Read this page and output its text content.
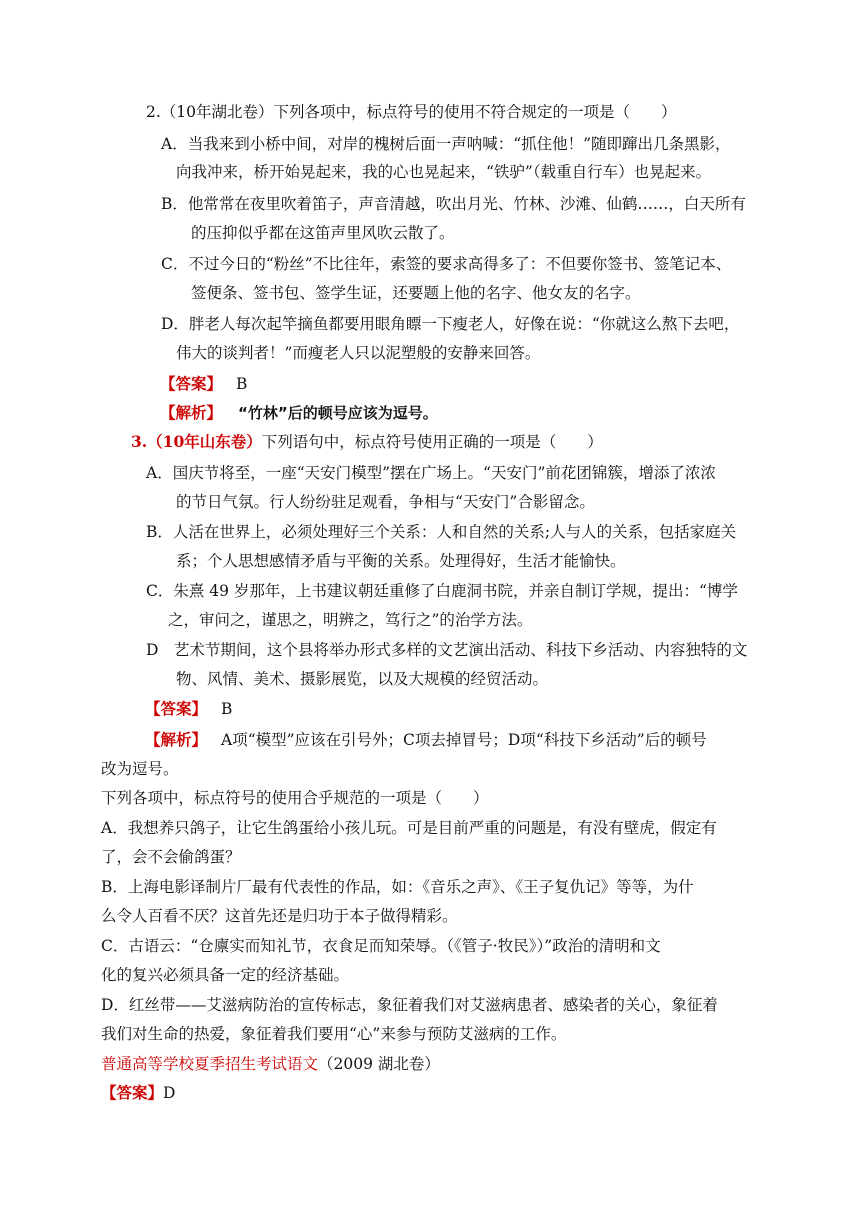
2.（10年湖北卷）下列各项中，标点符号的使用不符合规定的一项是（　　）
A．当我来到小桥中间，对岸的槐树后面一声呐喊：“抓住他！”随即蹿出几条黑影，
向我冲来，桥开始晃起来，我的心也晃起来，“铁驴”（载重自行车）也晃起来。
B．他常常在夜里吹着笛子，声音清越，吹出月光、竹林、沙滩、仙鹤……，白天所有
的压抑似乎都在这笛声里风吹云散了。
C．不过今日的“粉丝”不比往年，索签的要求高得多了：不但要你签书、签笔记本、
签便条、签书包、签学生证，还要题上他的名字、他女友的名字。
D．胖老人每次起竿摘鱼都要用眼角瞟一下瘦老人，好像在说：“你就这么熬下去吧，
伟大的谈判者！”而瘦老人只以泥塑般的安静来回答。
【答案】 B
【解析】 “竹林”后的顿号应该为逗号。
3.（10年山东卷）下列语句中，标点符号使用正确的一项是（　　）
A．国庆节将至，一座“天安门模型”摆在广场上。“天安门”前花团锦簇，增添了浓浓
的节日气氛。行人纷纷驻足观看，争相与“天安门”合影留念。
B．人活在世界上，必须处理好三个关系：人和自然的关系;人与人的关系，包括家庭关
系；个人思想感情矛盾与平衡的关系。处理得好，生活才能愉快。
C．朱熹 49 岁那年，上书建议朝廷重修了白鹿洞书院，并亲自制订学规，提出：“博学
之，审问之，谨思之，明辨之，笃行之”的治学方法。
D　艺术节期间，这个县将举办形式多样的文艺演出活动、科技下乡活动、内容独特的文
物、风情、美术、摄影展览，以及大规模的经贸活动。
【答案】 B
【解析】 A项“模型”应该在引号外；C项去掉冒号；D项“科技下乡活动”后的顿号
改为逗号。
下列各项中，标点符号的使用合乎规范的一项是（　　）
A．我想养只鸽子，让它生鸽蛋给小孩儿玩。可是目前严重的问题是，有没有壁虎，假定有
了，会不会偷鸽蛋？
B．上海电影译制片厂最有代表性的作品，如：《音乐之声》、《王子复仇记》等等，为什
么令人百看不厌？这首先还是归功于本子做得精彩。
C．古语云：“仓廪实而知礼节，衣食足而知荣辱。（《管子·牧民》）”政治的清明和文
化的复兴必须具备一定的经济基础。
D．红丝带——艾滋病防治的宣传标志，象征着我们对艾滋病患者、感染者的关心，象征着
我们对生命的热爱，象征着我们要用“心”来参与预防艾滋病的工作。
普通高等学校夏季招生考试语文（2009 湖北卷）
【答案】D
